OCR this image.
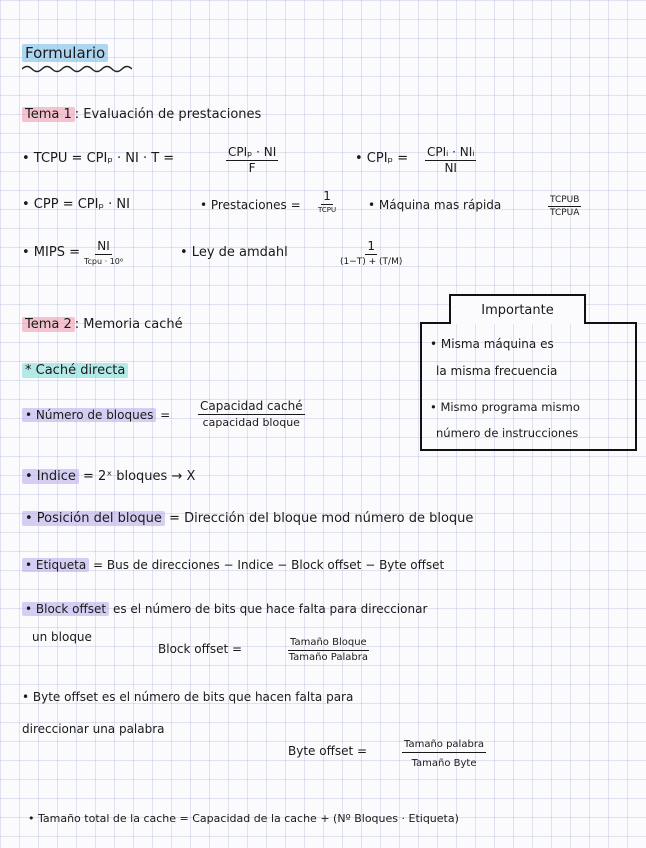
Formulario
Tema 1 : Evaluación de prestaciones
• TCPU = CPIₚ · NI · T =	CPIₚ · NI
F
• CPIₚ = CPIᵢ · NIᵢ
NI
• CPP = CPIₚ · NI	• Prestaciones =
1
TCPU	• Máquina mas rápida	TCPUB
TCPUA
• MIPS = NI
Tcpu · 10⁶
• Ley de amdahl	1
(1−T) + (T/M)
Tema 2 : Memoria caché
Importante
• Misma máquina es
la misma frecuencia
• Mismo programa mismo
número de instrucciones
* Caché directa
• Número de bloques =
Capacidad caché
capacidad bloque
• Indice = 2ˣ bloques → X
• Posición del bloque = Dirección del bloque mod número de bloque
• Etiqueta = Bus de direcciones − Indice − Block offset − Byte offset
• Block offset es el número de bits que hace falta para direccionar
un bloque
Block offset =	Tamaño Bloque
Tamaño Palabra
• Byte offset es el número de bits que hacen falta para
direccionar una palabra
Byte offset =	Tamaño palabra
Tamaño Byte
• Tamaño total de la cache = Capacidad de la cache + (Nº Bloques · Etiqueta)
